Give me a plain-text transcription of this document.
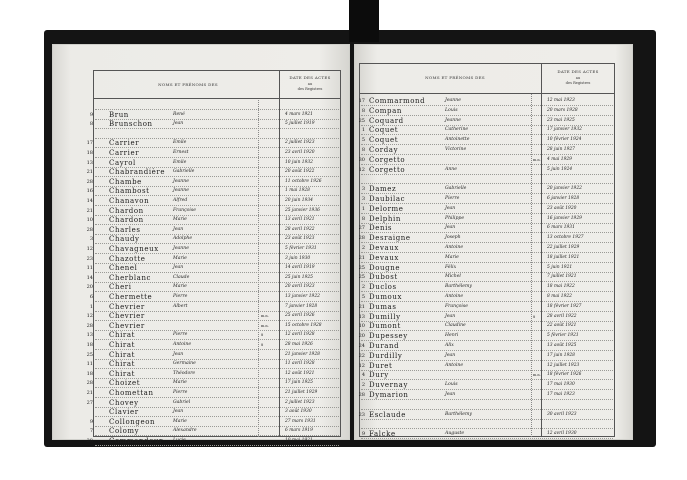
NOMS ET PRÉNOMS DES
DATE DES ACTES
au
des Registres
9 Brun	René	4 mars 1921
8 Brunschon	Jean	5 juillet 1919
17 Carrier	Emile	2 juillet 1923
18 Carrier	Ernest	23 avril 1920
13 Cayrol	Emile	10 juin 1932
21 Chabrandière Gabrielle	20 août 1922
28 Chambe	Jeanne	11 octobre 1926
16 Chambost	Jeanne	1 mai 1928
14 Chanavon	Alfred	20 juin 1934
21 Chardon	Françoise	25 janvier 1936
10 Chardon	Marie	13 avril 1921
28 Charles	Jean	28 avril 1922
3 Chaudy	Adolphe	23 août 1923
12 Chavagneux	Jeanne	5 février 1931
23 Chazotte	Marie	3 juin 1930
11 Chenel	Jean	14 avril 1919
14 Cherblanc	Claude	25 juin 1925
20 Cheri	Marie	20 avril 1923
6 Chermette	Pierre	13 janvier 1922
1 Chevrier	Albert	7 janvier 1928
12 Chevrier	m.n.	25 avril 1926
28 Chevrier	m.n.	15 octobre 1928
13 Chirat	Pierre	8	12 avril 1928
18 Chirat	Antoine	8	28 mai 1926
25 Chirat	Jean	21 janvier 1928
11 Chirat	Germaine	11 avril 1928
18 Chirat	Théodore	12 août 1921
28 Choizet	Marie	17 juin 1925
21 Chomettan	Pierre	21 juillet 1929
27 Chovey	Gabriel	2 juillet 1923
Clavier	Jean	3 août 1930
9 Collongeon	Marie	27 mars 1931
7 Colomy	Alexandre	6 mars 1919
28 Commandeur Lucie	10 mai 1921
NOMS ET PRÉNOMS DES
DATE DES ACTES
au
des Registres
17 Commarmond	Jeanne	12 mai 1923
8 Compan	Louis	20 mars 1928
25 Coquard	Jeanne	23 mai 1925
1 Coquet	Catherine	17 janvier 1932
5 Coquet	Antoinette	10 février 1924
8 Corday	Victorine	28 juin 1927
30 Corgetto	m.n. 4 mai 1929
12 Corgetto	Anne	5 juin 1924
3 Damez	Gabrielle	20 janvier 1922
3 Daubilac	Pierre	6 janvier 1928
1 Delorme	Jean	23 août 1920
8 Delphin	Philippe	16 janvier 1929
27 Denis	Jean	6 mars 1931
28 Desraigne	Joseph	13 octobre 1927
2 Devaux	Antoine	22 juillet 1929
21 Devaux	Marie	18 juillet 1921
25 Dougne	Félix	5 juin 1921
25 Dubost	Michel	7 juillet 1921
2 Duclos	Barthélemy	18 mai 1922
5 Dumoux	Antoine	8 mai 1922
21 Dumas	Françoise	18 février 1927
13 Dumilly	Jean	8	28 avril 1922
10 Dumont	Claudine	22 août 1921
20 Dupessey	Henri	5 février 1921
24 Durand	Alix	13 août 1925
22 Durdilly	Jean	17 juin 1928
12 Duret	Antoine	12 juillet 1923
4 Dury	m.n. 18 février 1926
2 Duvernay	Louis	17 mai 1930
28 Dymarion	Jean	17 mai 1923
23 Esclaude	Barthélemy	30 avril 1923
9 Falcke	Auguste	12 avril 1930
